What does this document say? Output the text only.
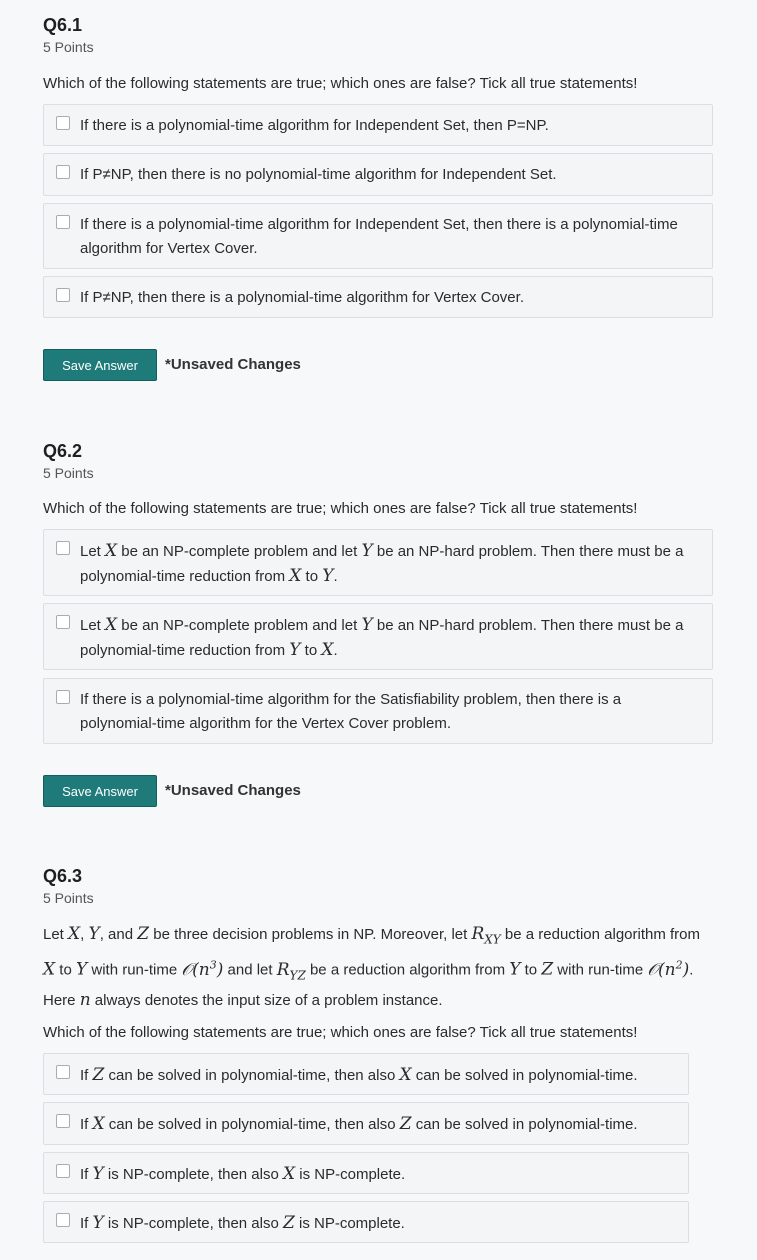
Q6.1
5 Points
Which of the following statements are true; which ones are false? Tick all true statements!
If there is a polynomial-time algorithm for Independent Set, then P=NP.
If P≠NP, then there is no polynomial-time algorithm for Independent Set.
If there is a polynomial-time algorithm for Independent Set, then there is a polynomial-time algorithm for Vertex Cover.
If P≠NP, then there is a polynomial-time algorithm for Vertex Cover.
Save Answer	*Unsaved Changes
Q6.2
5 Points
Which of the following statements are true; which ones are false? Tick all true statements!
Let X be an NP-complete problem and let Y be an NP-hard problem. Then there must be a polynomial-time reduction from X to Y.
Let X be an NP-complete problem and let Y be an NP-hard problem. Then there must be a polynomial-time reduction from Y to X.
If there is a polynomial-time algorithm for the Satisfiability problem, then there is a polynomial-time algorithm for the Vertex Cover problem.
Save Answer	*Unsaved Changes
Q6.3
5 Points
Let X, Y, and Z be three decision problems in NP. Moreover, let $R_{XY}$ be a reduction algorithm from X to Y with run-time $𝒪(n^3)$ and let $R_{YZ}$ be a reduction algorithm from Y to Z with run-time $𝒪(n^2)$. Here n always denotes the input size of a problem instance.
Which of the following statements are true; which ones are false? Tick all true statements!
If Z can be solved in polynomial-time, then also X can be solved in polynomial-time.
If X can be solved in polynomial-time, then also Z can be solved in polynomial-time.
If Y is NP-complete, then also X is NP-complete.
If Y is NP-complete, then also Z is NP-complete.
